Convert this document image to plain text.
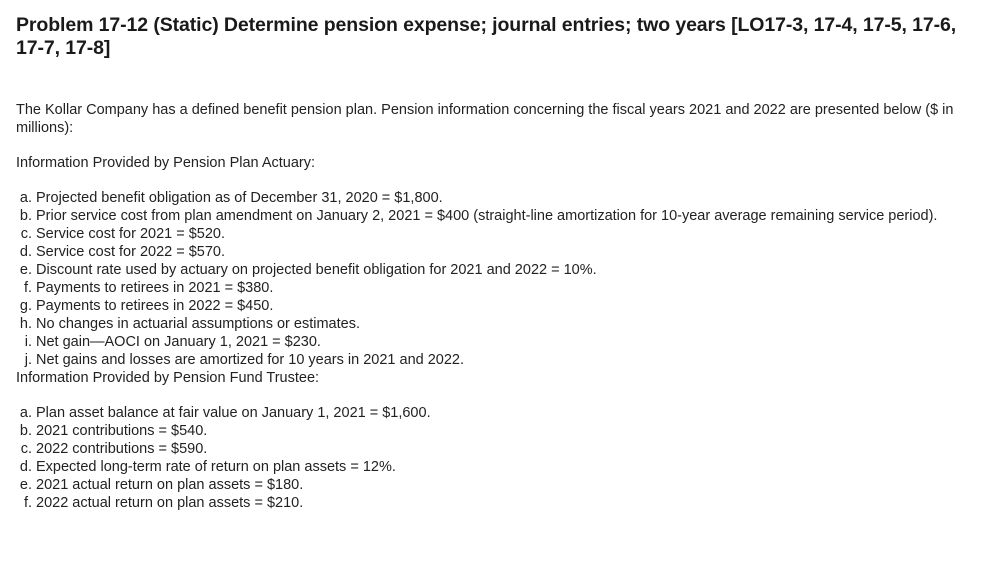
Problem 17-12 (Static) Determine pension expense; journal entries; two years [LO17-3, 17-4, 17-5, 17-6, 17-7, 17-8]

The Kollar Company has a defined benefit pension plan. Pension information concerning the fiscal years 2021 and 2022 are presented below ($ in millions):

Information Provided by Pension Plan Actuary:

a. Projected benefit obligation as of December 31, 2020 = $1,800.
b. Prior service cost from plan amendment on January 2, 2021 = $400 (straight-line amortization for 10-year average remaining service period).
c. Service cost for 2021 = $520.
d. Service cost for 2022 = $570.
e. Discount rate used by actuary on projected benefit obligation for 2021 and 2022 = 10%.
f. Payments to retirees in 2021 = $380.
g. Payments to retirees in 2022 = $450.
h. No changes in actuarial assumptions or estimates.
i. Net gain—AOCI on January 1, 2021 = $230.
j. Net gains and losses are amortized for 10 years in 2021 and 2022.

Information Provided by Pension Fund Trustee:

a. Plan asset balance at fair value on January 1, 2021 = $1,600.
b. 2021 contributions = $540.
c. 2022 contributions = $590.
d. Expected long-term rate of return on plan assets = 12%.
e. 2021 actual return on plan assets = $180.
f. 2022 actual return on plan assets = $210.
